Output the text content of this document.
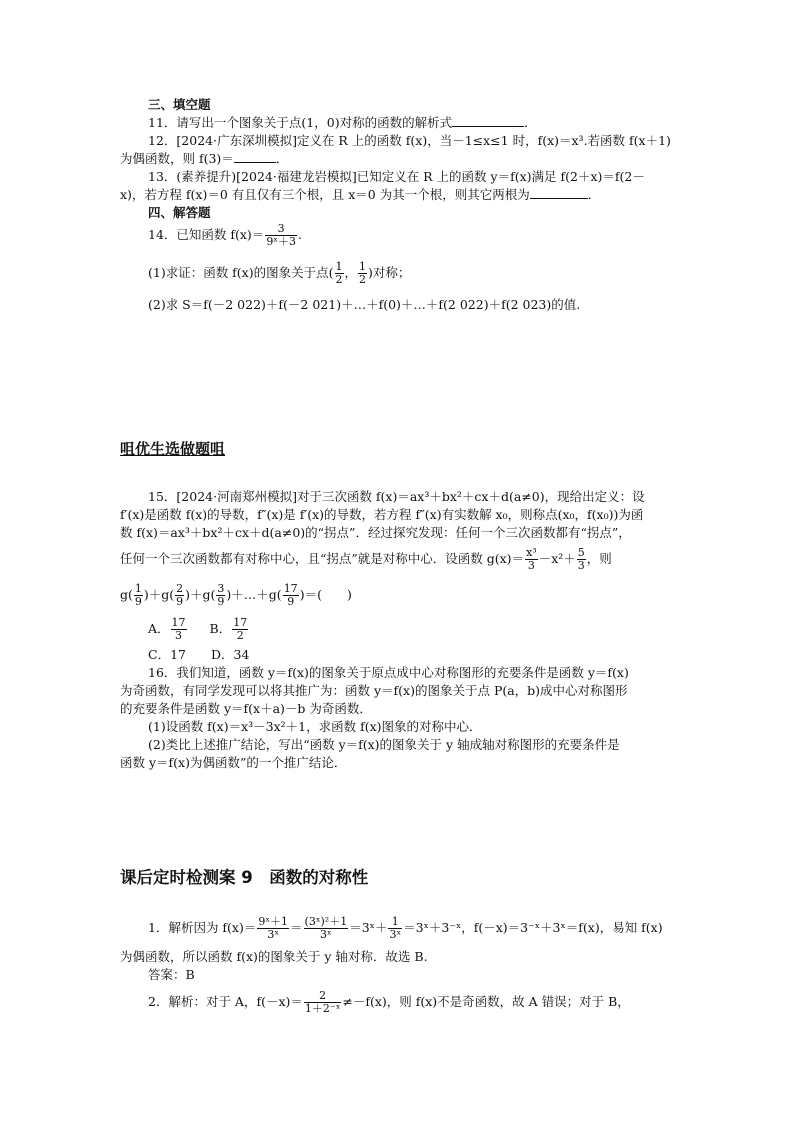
三、填空题
11．请写出一个图象关于点(1，0)对称的函数的解析式	．
12．[2024·广东深圳模拟]定义在 R 上的函数 f(x)，当－1≤x≤1 时，f(x)＝x³.若函数 f(x＋1)
为偶函数，则 f(3)＝	．
13．(素养提升)[2024·福建龙岩模拟]已知定义在 R 上的函数 y＝f(x)满足 f(2＋x)＝f(2－
x)，若方程 f(x)＝0 有且仅有三个根，且 x＝0 为其一个根，则其它两根为	．
四、解答题
14．已知函数 $f(x)= \frac{3}{\text{9ˣ＋3}}$ .
(1)求证：函数 f(x)的图象关于点( $\frac{1}{2}$ ， $\frac{1}{2}$ )对称；
(2)求 S＝f(－2 022)＋f(－2 021)＋…＋f(0)＋…＋f(2 022)＋f(2 023)的值.
咀优生选做题咀
15．[2024·河南郑州模拟]对于三次函数 f(x)＝ax³＋bx²＋cx＋d(a≠0)，现给出定义：设
f′(x)是函数 f(x)的导数，f″(x)是 f′(x)的导数，若方程 f″(x)有实数解 x₀，则称点(x₀，f(x₀))为函
数 f(x)＝ax³＋bx²＋cx＋d(a≠0)的“拐点”．经过探究发现：任何一个三次函数都有“拐点”，
任何一个三次函数都有对称中心，且“拐点”就是对称中心．设函数 $g(x)= \frac{\text{x³}}{3} -x^2+ \frac{5}{3}$ ，则
$g( \frac{1}{9} )+g( \frac{2}{9} )+g( \frac{3}{9}$ )＋…＋g( $\frac{17}{9}$ )＝(　　)
A． $\frac{17}{3}$ B． $\frac{17}{2}$
C．17　　D．34
16．我们知道，函数 y＝f(x)的图象关于原点成中心对称图形的充要条件是函数 y＝f(x)
为奇函数，有同学发现可以将其推广为：函数 y＝f(x)的图象关于点 P(a，b)成中心对称图形
的充要条件是函数 y＝f(x＋a)－b 为奇函数．
(1)设函数 f(x)＝x³－3x²＋1，求函数 f(x)图象的对称中心．
(2)类比上述推广结论，写出“函数 y＝f(x)的图象关于 y 轴成轴对称图形的充要条件是
函数 y＝f(x)为偶函数”的一个推广结论．
课后定时检测案 9　函数的对称性
1．解析因为 $f(x)= \frac{\text{9ˣ＋1}}{\text{3ˣ}} = \frac{\text{(3ˣ)²＋1}}{\text{3ˣ}}$ ＝3ˣ＋ $\frac{1}{\text{3ˣ}}$ ＝3ˣ＋3⁻ˣ，f(－x)＝3⁻ˣ＋3ˣ＝f(x)，易知 f(x)
为偶函数，所以函数 f(x)的图象关于 y 轴对称．故选 B.
答案：B
2．解析：对于 A，$f(-x)= \frac{2}{\text{1＋2⁻ˣ}} \ne-f(x)$，则 f(x)不是奇函数，故 A 错误；对于 B，
